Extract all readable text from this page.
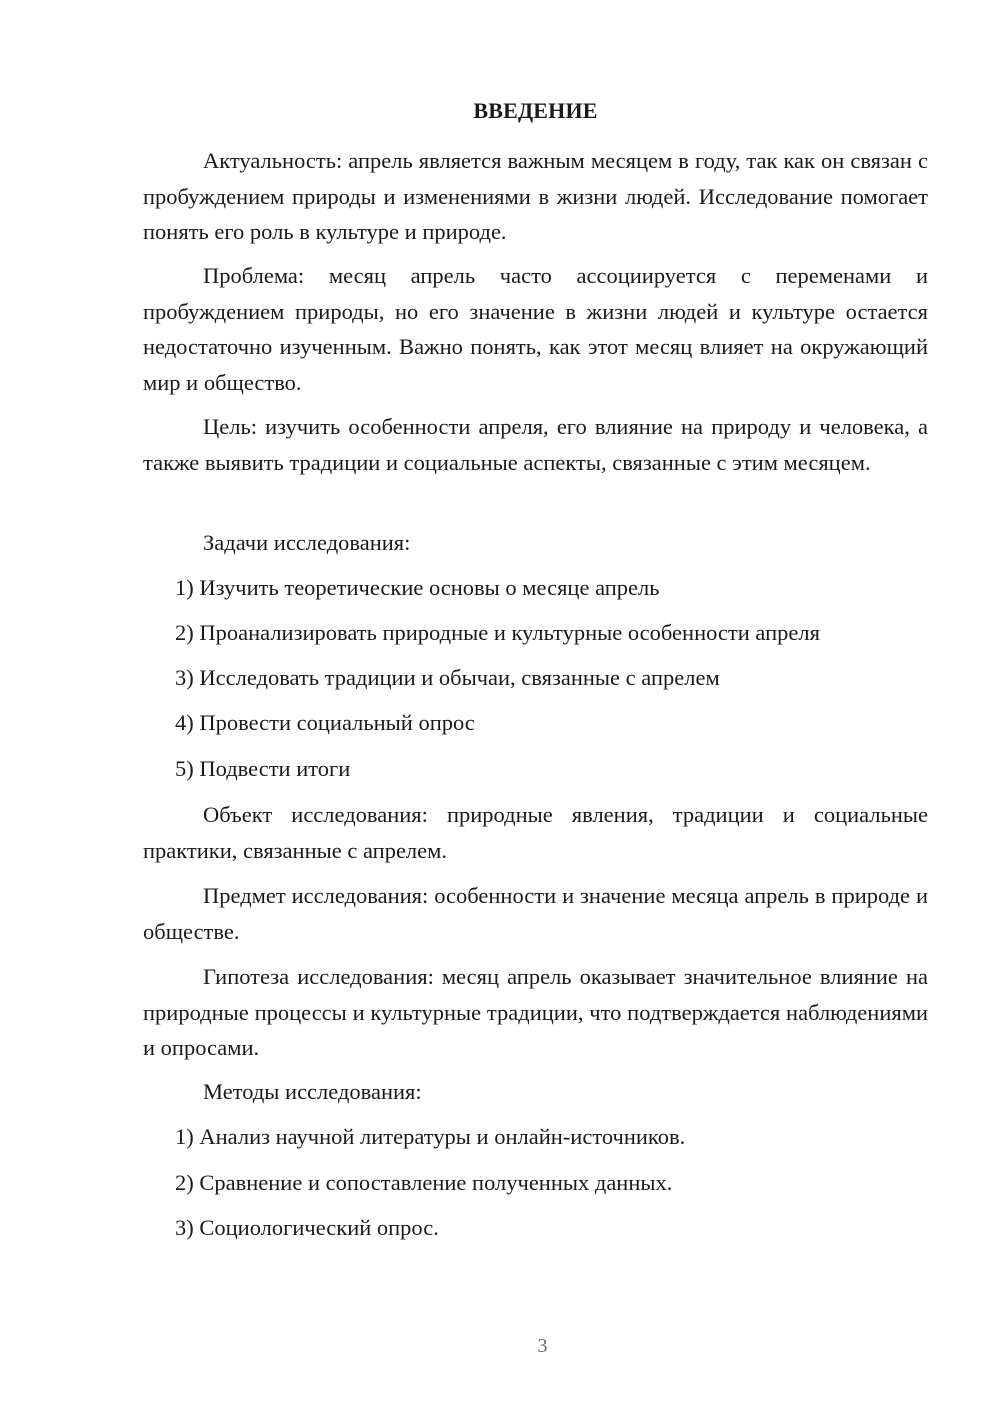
ВВЕДЕНИЕ

Актуальность: апрель является важным месяцем в году, так как он связан с пробуждением природы и изменениями в жизни людей. Исследование помогает понять его роль в культуре и природе.

Проблема: месяц апрель часто ассоциируется с переменами и пробуждением природы, но его значение в жизни людей и культуре остается недостаточно изученным. Важно понять, как этот месяц влияет на окружающий мир и общество.

Цель: изучить особенности апреля, его влияние на природу и человека, а также выявить традиции и социальные аспекты, связанные с этим месяцем.

Задачи исследования:

1) Изучить теоретические основы о месяце апрель

2) Проанализировать природные и культурные особенности апреля

3) Исследовать традиции и обычаи, связанные с апрелем

4) Провести социальный опрос

5) Подвести итоги

Объект исследования: природные явления, традиции и социальные практики, связанные с апрелем.

Предмет исследования: особенности и значение месяца апрель в природе и обществе.

Гипотеза исследования: месяц апрель оказывает значительное влияние на природные процессы и культурные традиции, что подтверждается наблюдениями и опросами.

Методы исследования:

1) Анализ научной литературы и онлайн-источников.

2) Сравнение и сопоставление полученных данных.

3) Социологический опрос.

3
